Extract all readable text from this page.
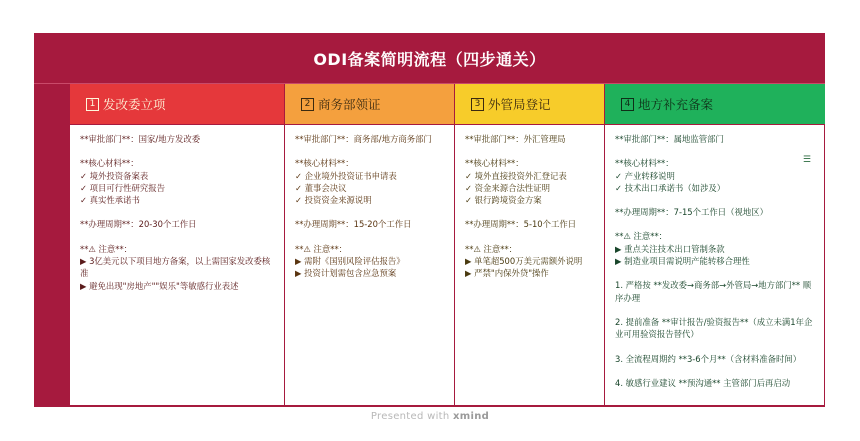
ODI备案简明流程（四步通关）
1 发改委立项	2 商务部领证	3 外管局登记	4 地方补充备案
**审批部门**：国家/地方发改委
**核心材料**：
✓ 境外投资备案表
✓ 项目可行性研究报告
✓ 真实性承诺书
**办理周期**：20-30个工作日
**⚠ 注意**：
▶ 3亿美元以下项目地方备案，以上需国家发改委核准
▶ 避免出现"房地产""娱乐"等敏感行业表述
**审批部门**：商务部/地方商务部门
**核心材料**：
✓ 企业境外投资证书申请表
✓ 董事会决议
✓ 投资资金来源说明
**办理周期**：15-20个工作日
**⚠ 注意**：
▶ 需附《国别风险评估报告》
▶ 投资计划需包含应急预案
**审批部门**：外汇管理局
**核心材料**：
✓ 境外直接投资外汇登记表
✓ 资金来源合法性证明
✓ 银行跨境资金方案
**办理周期**：5-10个工作日
**⚠ 注意**：
▶ 单笔超500万美元需额外说明
▶ 严禁"内保外贷"操作
**审批部门**：属地监管部门
**核心材料**：
✓ 产业转移说明
✓ 技术出口承诺书（如涉及）
**办理周期**：7-15个工作日（视地区）
**⚠ 注意**：
▶ 重点关注技术出口管制条款
▶ 制造业项目需说明产能转移合理性
1. 严格按 **发改委→商务部→外管局→地方部门** 顺序办理
2. 提前准备 **审计报告/验资报告**（成立未满1年企业可用验资报告替代）
3. 全流程周期约 **3-6个月**（含材料准备时间）
4. 敏感行业建议 **预沟通** 主管部门后再启动
☰
Presented with xmind
